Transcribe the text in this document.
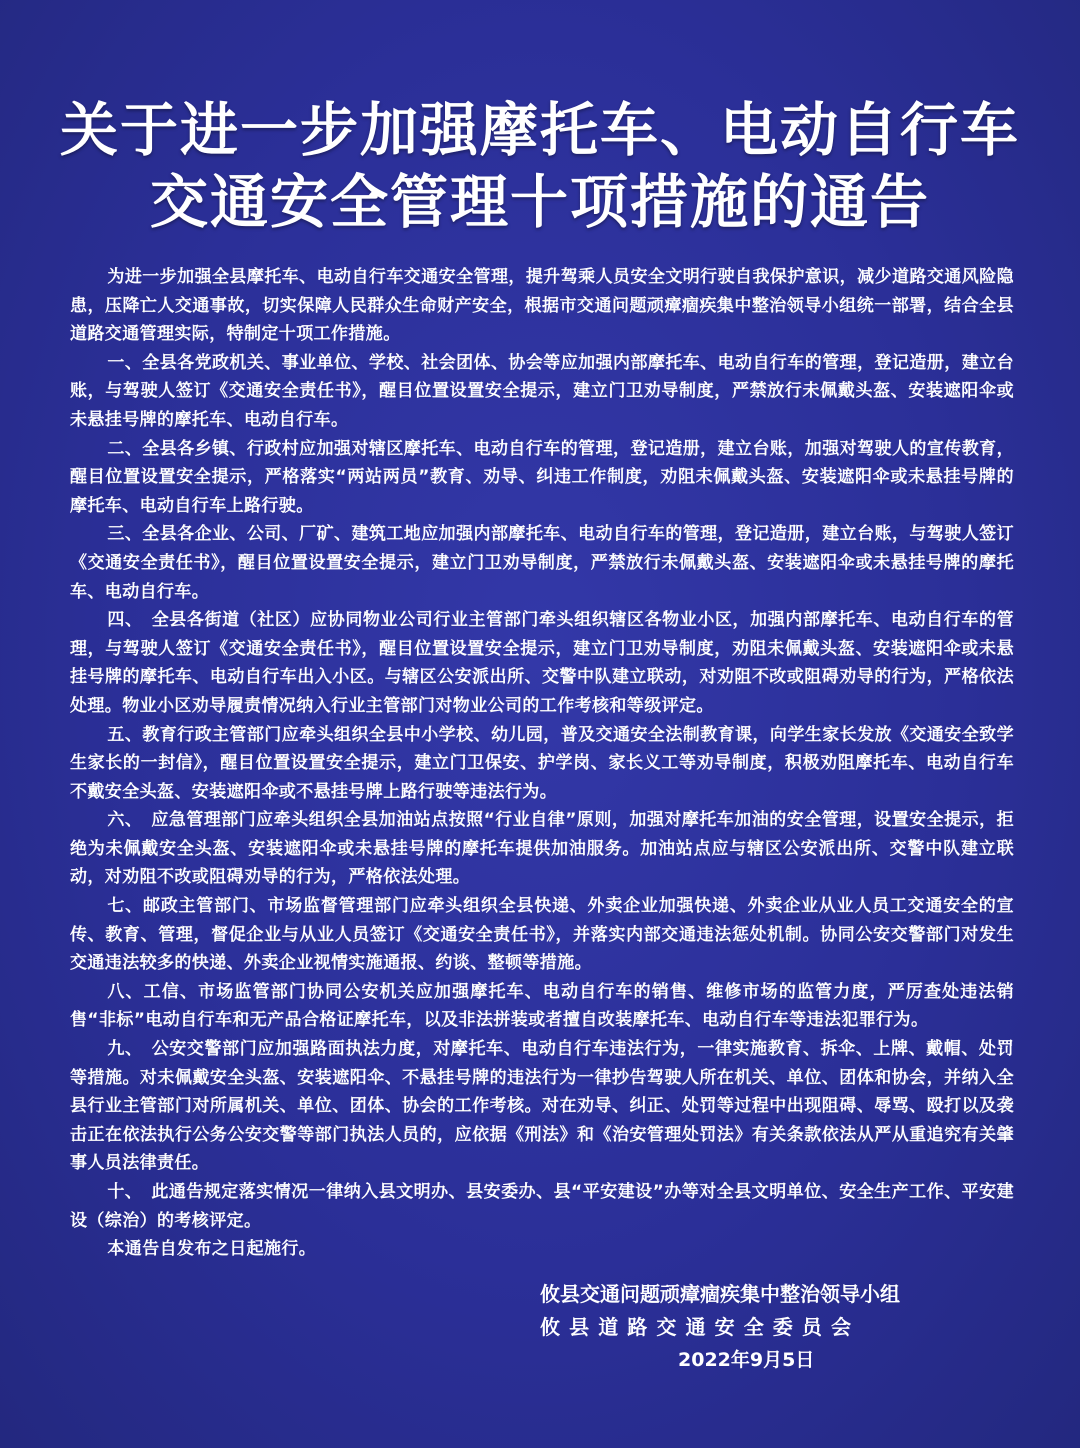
关于进一步加强摩托车、电动自行车
交通安全管理十项措施的通告

为进一步加强全县摩托车、电动自行车交通安全管理，提升驾乘人员安全文明行驶自我保护意识，减少道路交通风险隐患，压降亡人交通事故，切实保障人民群众生命财产安全，根据市交通问题顽瘴痼疾集中整治领导小组统一部署，结合全县道路交通管理实际，特制定十项工作措施。

一、全县各党政机关、事业单位、学校、社会团体、协会等应加强内部摩托车、电动自行车的管理，登记造册，建立台账，与驾驶人签订《交通安全责任书》，醒目位置设置安全提示，建立门卫劝导制度，严禁放行未佩戴头盔、安装遮阳伞或未悬挂号牌的摩托车、电动自行车。

二、全县各乡镇、行政村应加强对辖区摩托车、电动自行车的管理，登记造册，建立台账，加强对驾驶人的宣传教育，醒目位置设置安全提示，严格落实“两站两员”教育、劝导、纠违工作制度，劝阻未佩戴头盔、安装遮阳伞或未悬挂号牌的摩托车、电动自行车上路行驶。

三、全县各企业、公司、厂矿、建筑工地应加强内部摩托车、电动自行车的管理，登记造册，建立台账，与驾驶人签订《交通安全责任书》，醒目位置设置安全提示，建立门卫劝导制度，严禁放行未佩戴头盔、安装遮阳伞或未悬挂号牌的摩托车、电动自行车。

四、　全县各街道（社区）应协同物业公司行业主管部门牵头组织辖区各物业小区，加强内部摩托车、电动自行车的管理，与驾驶人签订《交通安全责任书》，醒目位置设置安全提示，建立门卫劝导制度，劝阻未佩戴头盔、安装遮阳伞或未悬挂号牌的摩托车、电动自行车出入小区。与辖区公安派出所、交警中队建立联动，对劝阻不改或阻碍劝导的行为，严格依法处理。物业小区劝导履责情况纳入行业主管部门对物业公司的工作考核和等级评定。

五、教育行政主管部门应牵头组织全县中小学校、幼儿园，普及交通安全法制教育课，向学生家长发放《交通安全致学生家长的一封信》，醒目位置设置安全提示，建立门卫保安、护学岗、家长义工等劝导制度，积极劝阻摩托车、电动自行车不戴安全头盔、安装遮阳伞或不悬挂号牌上路行驶等违法行为。

六、　应急管理部门应牵头组织全县加油站点按照“行业自律”原则，加强对摩托车加油的安全管理，设置安全提示，拒绝为未佩戴安全头盔、安装遮阳伞或未悬挂号牌的摩托车提供加油服务。加油站点应与辖区公安派出所、交警中队建立联动，对劝阻不改或阻碍劝导的行为，严格依法处理。

七、邮政主管部门、市场监督管理部门应牵头组织全县快递、外卖企业加强快递、外卖企业从业人员工交通安全的宣传、教育、管理，督促企业与从业人员签订《交通安全责任书》，并落实内部交通违法惩处机制。协同公安交警部门对发生交通违法较多的快递、外卖企业视情实施通报、约谈、整顿等措施。

八、工信、市场监管部门协同公安机关应加强摩托车、电动自行车的销售、维修市场的监管力度，严厉查处违法销售“非标”电动自行车和无产品合格证摩托车，以及非法拼装或者擅自改装摩托车、电动自行车等违法犯罪行为。

九、　公安交警部门应加强路面执法力度，对摩托车、电动自行车违法行为，一律实施教育、拆伞、上牌、戴帽、处罚等措施。对未佩戴安全头盔、安装遮阳伞、不悬挂号牌的违法行为一律抄告驾驶人所在机关、单位、团体和协会，并纳入全县行业主管部门对所属机关、单位、团体、协会的工作考核。对在劝导、纠正、处罚等过程中出现阻碍、辱骂、殴打以及袭击正在依法执行公务公安交警等部门执法人员的，应依据《刑法》和《治安管理处罚法》有关条款依法从严从重追究有关肇事人员法律责任。

十、　此通告规定落实情况一律纳入县文明办、县安委办、县“平安建设”办等对全县文明单位、安全生产工作、平安建设（综治）的考核评定。

本通告自发布之日起施行。

攸县交通问题顽瘴痼疾集中整治领导小组
攸县道路交通安全委员会
2022年9月5日
